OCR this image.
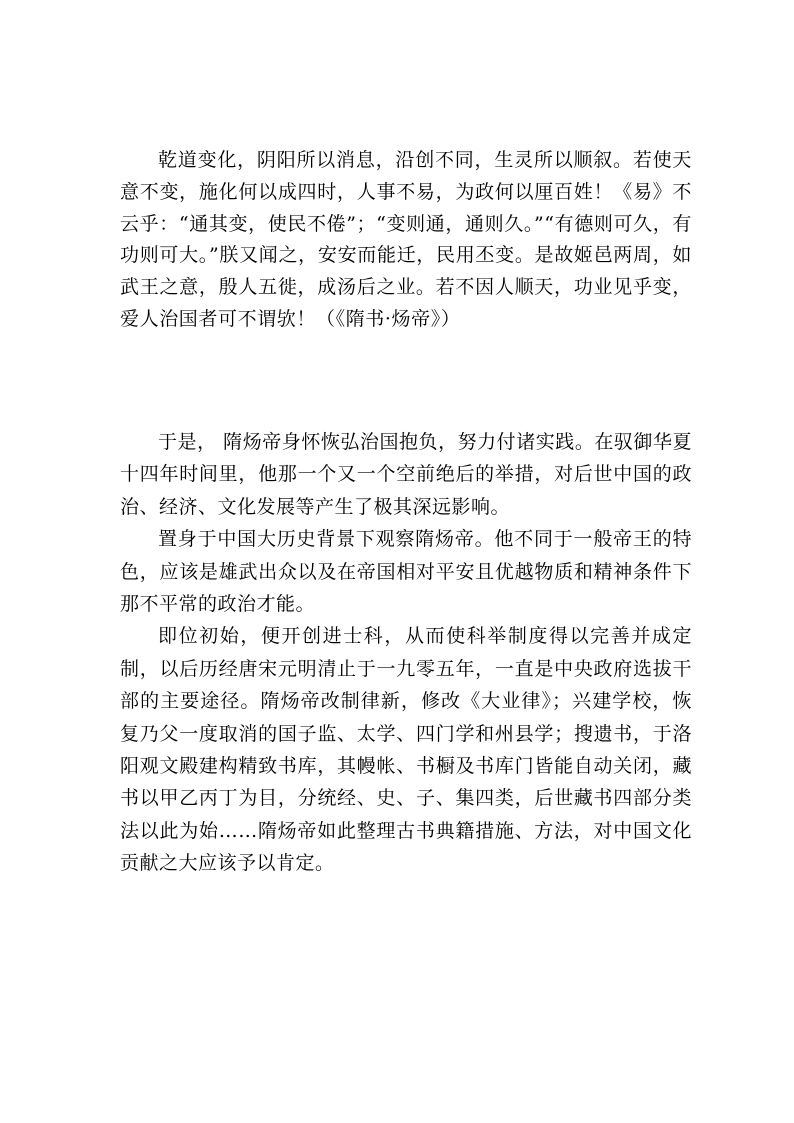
乾道变化，阴阳所以消息，沿创不同，生灵所以顺叙。若使天意不变，施化何以成四时，人事不易，为政何以厘百姓！《易》不云乎：“通其变，使民不倦”；“变则通，通则久。”“有德则可久，有功则可大。”朕又闻之，安安而能迁，民用丕变。是故姬邑两周，如武王之意，殷人五徙，成汤后之业。若不因人顺天，功业见乎变，爱人治国者可不谓欤！（《隋书·炀帝》）

于是， 隋炀帝身怀恢弘治国抱负，努力付诸实践。在驭御华夏十四年时间里，他那一个又一个空前绝后的举措，对后世中国的政治、经济、文化发展等产生了极其深远影响。

置身于中国大历史背景下观察隋炀帝。他不同于一般帝王的特色，应该是雄武出众以及在帝国相对平安且优越物质和精神条件下那不平常的政治才能。

即位初始，便开创进士科，从而使科举制度得以完善并成定制，以后历经唐宋元明清止于一九零五年，一直是中央政府选拔干部的主要途径。隋炀帝改制律新，修改《大业律》；兴建学校，恢复乃父一度取消的国子监、太学、四门学和州县学；搜遗书，于洛阳观文殿建构精致书库，其幔帐、书橱及书库门皆能自动关闭，藏书以甲乙丙丁为目，分统经、史、子、集四类，后世藏书四部分类法以此为始……隋炀帝如此整理古书典籍措施、方法，对中国文化贡献之大应该予以肯定。
